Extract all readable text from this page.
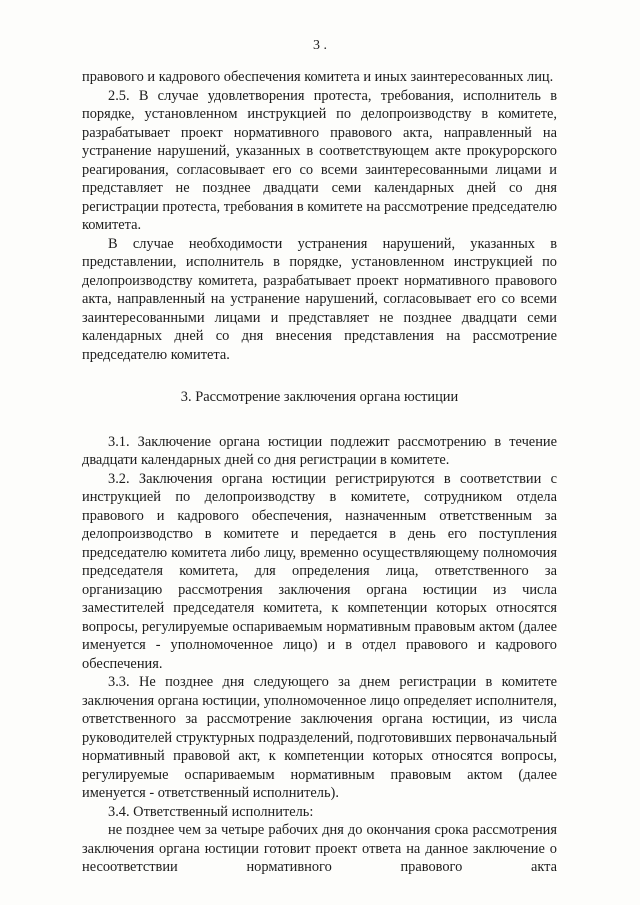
3 .

правового и кадрового обеспечения комитета и иных заинтересованных лиц.

2.5. В случае удовлетворения протеста, требования, исполнитель в порядке, установленном инструкцией по делопроизводству в комитете, разрабатывает проект нормативного правового акта, направленный на устранение нарушений, указанных в соответствующем акте прокурорского реагирования, согласовывает его со всеми заинтересованными лицами и представляет не позднее двадцати семи календарных дней со дня регистрации протеста, требования в комитете на рассмотрение председателю комитета.

В случае необходимости устранения нарушений, указанных в представлении, исполнитель в порядке, установленном инструкцией по делопроизводству комитета, разрабатывает проект нормативного правового акта, направленный на устранение нарушений, согласовывает его со всеми заинтересованными лицами и представляет не позднее двадцати семи календарных дней со дня внесения представления на рассмотрение председателю комитета.

3. Рассмотрение заключения органа юстиции

3.1. Заключение органа юстиции подлежит рассмотрению в течение двадцати календарных дней со дня регистрации в комитете.

3.2. Заключения органа юстиции регистрируются в соответствии с инструкцией по делопроизводству в комитете, сотрудником отдела правового и кадрового обеспечения, назначенным ответственным за делопроизводство в комитете и передается в день его поступления председателю комитета либо лицу, временно осуществляющему полномочия председателя комитета, для определения лица, ответственного за организацию рассмотрения заключения органа юстиции из числа заместителей председателя комитета, к компетенции которых относятся вопросы, регулируемые оспариваемым нормативным правовым актом (далее именуется - уполномоченное лицо) и в отдел правового и кадрового обеспечения.

3.3. Не позднее дня следующего за днем регистрации в комитете заключения органа юстиции, уполномоченное лицо определяет исполнителя, ответственного за рассмотрение заключения органа юстиции, из числа руководителей структурных подразделений, подготовивших первоначальный нормативный правовой акт, к компетенции которых относятся вопросы, регулируемые оспариваемым нормативным правовым актом (далее именуется - ответственный исполнитель).

3.4. Ответственный исполнитель:

не позднее чем за четыре рабочих дня до окончания срока рассмотрения заключения органа юстиции готовит проект ответа на данное заключение о несоответствии нормативного правового акта
